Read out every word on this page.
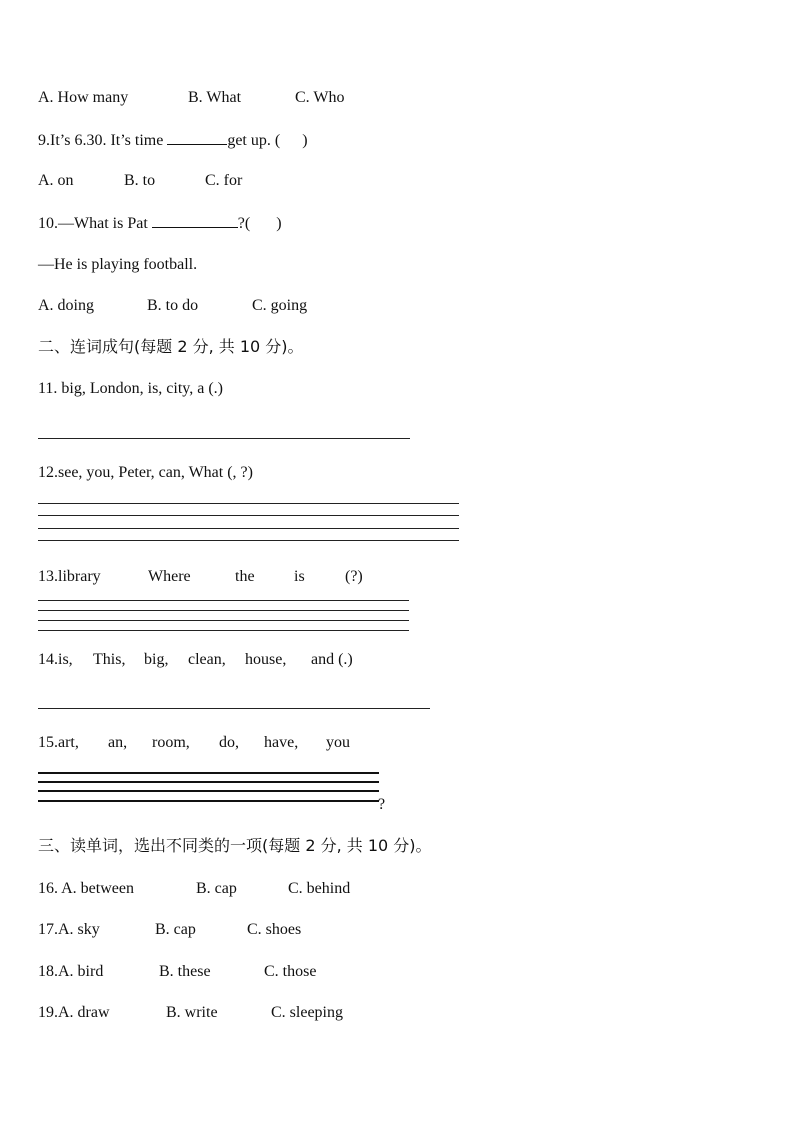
A. How many	B. What	C. Who
9.It’s 6.30. It’s time	get up. ( )
A. on	B. to	C. for
10.—What is Pat	?( )
—He is playing football.
A. doing	B. to do	C. going
二、连词成句(每题 2 分, 共 10 分)。
11. big, London, is, city, a (.)
12.see, you, Peter, can, What (, ?)
13.library	Where	the is	(?)
14.is, This, big, clean, house, and (.)
15.art, an, room, do, have, you
?
三、读单词，选出不同类的一项(每题 2 分, 共 10 分)。
16. A. between	B. cap	C. behind
17.A. sky	B. cap	C. shoes
18.A. bird	B. these	C. those
19.A. draw	B. write	C. sleeping
